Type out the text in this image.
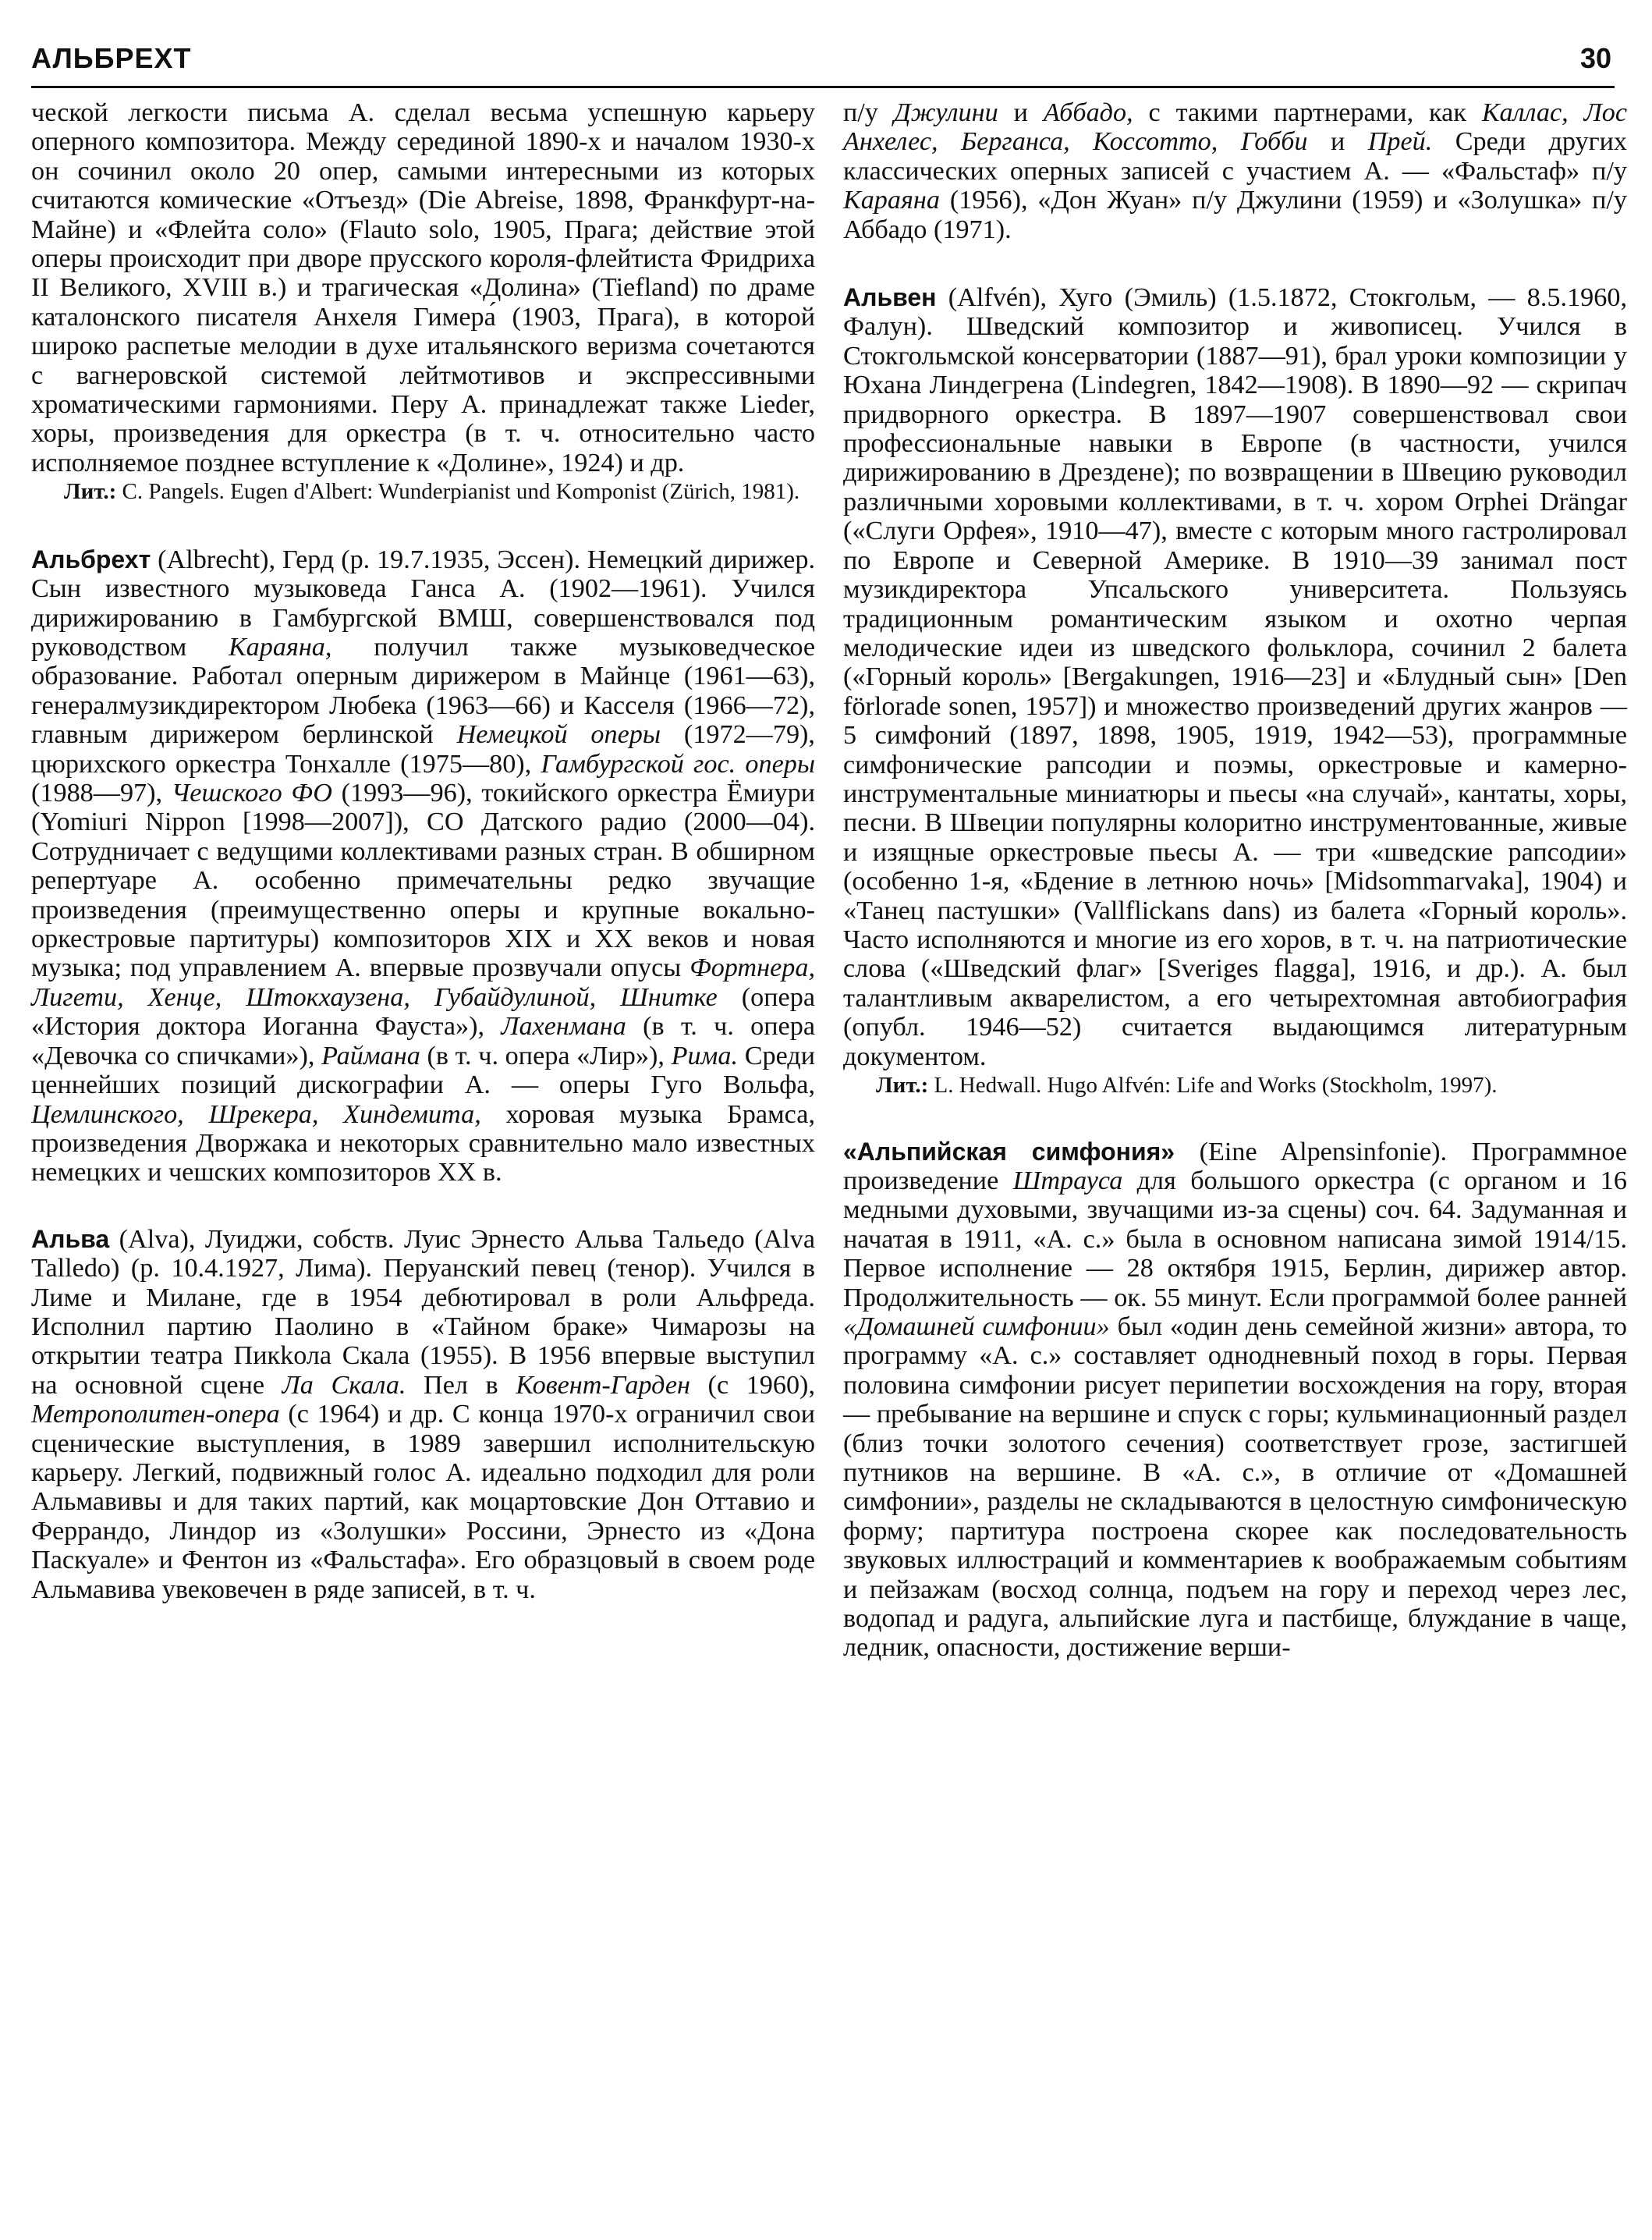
АЛЬБРЕХТ	30

ческой легкости письма А. сделал весьма успешную карьеру оперного композитора. Между серединой 1890-х и началом 1930-х он сочинил около 20 опер, самыми интересными из которых считаются комические «Отъезд» (Die Abreise, 1898, Франкфурт-на-Майне) и «Флейта соло» (Flauto solo, 1905, Прага; действие этой оперы происходит при дворе прусского короля-флейтиста Фридриха II Великого, XVIII в.) и трагическая «Долина» (Tiefland) по драме каталонского писателя Анхеля Гимера́ (1903, Прага), в которой широко распетые мелодии в духе итальянского веризма сочетаются с вагнеровской системой лейтмотивов и экспрессивными хроматическими гармониями. Перу А. принадлежат также Lieder, хоры, произведения для оркестра (в т. ч. относительно часто исполняемое позднее вступление к «Долине», 1924) и др.

Лит.: C. Pangels. Eugen d'Albert: Wunderpianist und Komponist (Zürich, 1981).

Альбрехт (Albrecht), Герд (р. 19.7.1935, Эссен). Немецкий дирижер. Сын известного музыковеда Ганса А. (1902—1961). Учился дирижированию в Гамбургской ВМШ, совершенствовался под руководством Караяна, получил также музыковедческое образование. Работал оперным дирижером в Майнце (1961—63), генералмузикдиректором Любека (1963—66) и Касселя (1966—72), главным дирижером берлинской Немецкой оперы (1972—79), цюрихского оркестра Тонхалле (1975—80), Гамбургской гос. оперы (1988—97), Чешского ФО (1993—96), токийского оркестра Ёмиури (Yomiuri Nippon [1998—2007]), СО Датского радио (2000—04). Сотрудничает с ведущими коллективами разных стран. В обширном репертуаре А. особенно примечательны редко звучащие произведения (преимущественно оперы и крупные вокально-оркестровые партитуры) композиторов XIX и XX веков и новая музыка; под управлением А. впервые прозвучали опусы Фортнера, Лигети, Хенце, Штокхаузена, Губайдулиной, Шнитке (опера «История доктора Иоганна Фауста»), Лахенмана (в т. ч. опера «Девочка со спичками»), Раймана (в т. ч. опера «Лир»), Рима. Среди ценнейших позиций дискографии А. — оперы Гуго Вольфа, Цемлинского, Шрекера, Хиндемита, хоровая музыка Брамса, произведения Дворжака и некоторых сравнительно мало известных немецких и чешских композиторов XX в.

Альва (Alva), Луиджи, собств. Луис Эрнесто Альва Тальедо (Alva Talledo) (р. 10.4.1927, Лима). Перуанский певец (тенор). Учился в Лиме и Милане, где в 1954 дебютировал в роли Альфреда. Исполнил партию Паолино в «Тайном браке» Чимарозы на открытии театра Пикkола Скала (1955). В 1956 впервые выступил на основной сцене Ла Скала. Пел в Ковент-Гарден (с 1960), Метрополитен-опера (с 1964) и др. С конца 1970-х ограничил свои сценические выступления, в 1989 завершил исполнительскую карьеру. Легкий, подвижный голос А. идеально подходил для роли Альмавивы и для таких партий, как моцартовские Дон Оттавио и Феррандо, Линдор из «Золушки» Россини, Эрнесто из «Дона Паскуале» и Фентон из «Фальстафа». Его образцовый в своем роде Альмавива увековечен в ряде записей, в т. ч.

п/у Джулини и Аббадо, с такими партнерами, как Каллас, Лос Анхелес, Берганса, Коссотто, Гобби и Прей. Среди других классических оперных записей с участием А. — «Фальстаф» п/у Караяна (1956), «Дон Жуан» п/у Джулини (1959) и «Золушка» п/у Аббадо (1971).

Альвен (Alfvén), Хуго (Эмиль) (1.5.1872, Стокгольм, — 8.5.1960, Фалун). Шведский композитор и живописец. Учился в Стокгольмской консерватории (1887—91), брал уроки композиции у Юхана Линдегрена (Lindegren, 1842—1908). В 1890—92 — скрипач придворного оркестра. В 1897—1907 совершенствовал свои профессиональные навыки в Европе (в частности, учился дирижированию в Дрездене); по возвращении в Швецию руководил различными хоровыми коллективами, в т. ч. хором Orphei Drängar («Слуги Орфея», 1910—47), вместе с которым много гастролировал по Европе и Северной Америке. В 1910—39 занимал пост музикдиректора Упсальского университета. Пользуясь традиционным романтическим языком и охотно черпая мелодические идеи из шведского фольклора, сочинил 2 балета («Горный король» [Bergakungen, 1916—23] и «Блудный сын» [Den förlorade sonen, 1957]) и множество произведений других жанров — 5 симфоний (1897, 1898, 1905, 1919, 1942—53), программные симфонические рапсодии и поэмы, оркестровые и камерно-инструментальные миниатюры и пьесы «на случай», кантаты, хоры, песни. В Швеции популярны колоритно инструментованные, живые и изящные оркестровые пьесы А. — три «шведские рапсодии» (особенно 1-я, «Бдение в летнюю ночь» [Midsommarvaka], 1904) и «Танец пастушки» (Vallflickans dans) из балета «Горный король». Часто исполняются и многие из его хоров, в т. ч. на патриотические слова («Шведский флаг» [Sveriges flagga], 1916, и др.). А. был талантливым акварелистом, а его четырехтомная автобиография (опубл. 1946—52) считается выдающимся литературным документом.

Лит.: L. Hedwall. Hugo Alfvén: Life and Works (Stockholm, 1997).

«Альпийская симфония» (Eine Alpensinfonie). Программное произведение Штрауса для большого оркестра (с органом и 16 медными духовыми, звучащими из-за сцены) соч. 64. Задуманная и начатая в 1911, «А. с.» была в основном написана зимой 1914/15. Первое исполнение — 28 октября 1915, Берлин, дирижер автор. Продолжительность — ок. 55 минут. Если программой более ранней «Домашней симфонии» был «один день семейной жизни» автора, то программу «А. с.» составляет однодневный поход в горы. Первая половина симфонии рисует перипетии восхождения на гору, вторая — пребывание на вершине и спуск с горы; кульминационный раздел (близ точки золотого сечения) соответствует грозе, застигшей путников на вершине. В «А. с.», в отличие от «Домашней симфонии», разделы не складываются в целостную симфоническую форму; партитура построена скорее как последовательность звуковых иллюстраций и комментариев к воображаемым событиям и пейзажам (восход солнца, подъем на гору и переход через лес, водопад и радуга, альпийские луга и пастбище, блуждание в чаще, ледник, опасности, достижение верши-
